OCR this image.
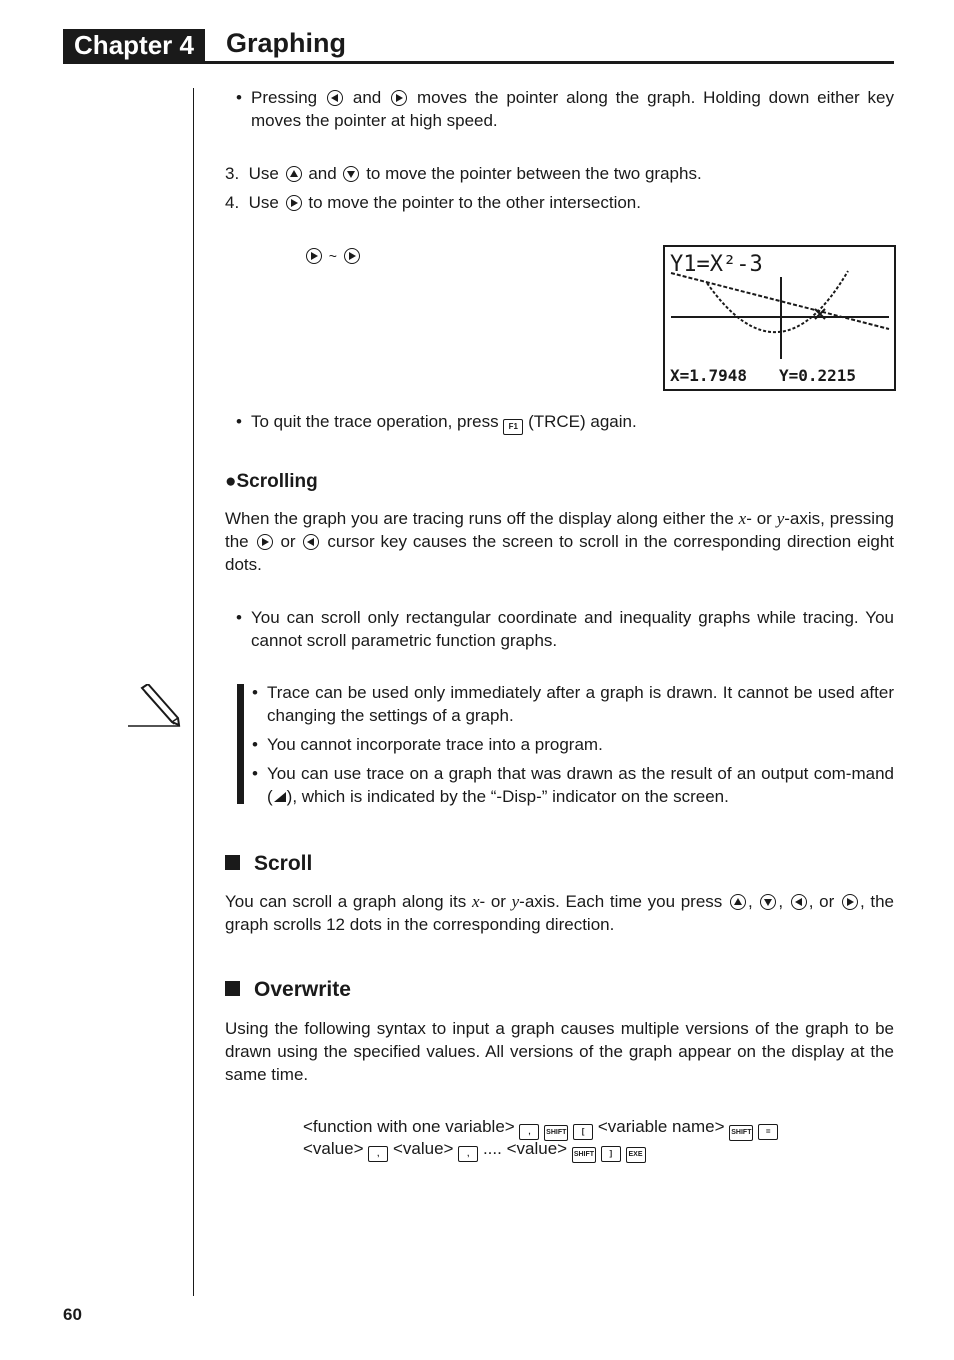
Chapter 4	Graphing
• Pressing and moves the pointer along the graph. Holding down either key moves the pointer at high speed.
3. Use and to move the pointer between the two graphs.
4. Use to move the pointer to the other intersection.
~	Y1=X²-3
X=1.7948 Y=0.2215
• To quit the trace operation, press F1 (TRCE) again.
●Scrolling
When the graph you are tracing runs off the display along either the x- or y-axis, pressing the or cursor key causes the screen to scroll in the corresponding direction eight dots.
• You can scroll only rectangular coordinate and inequality graphs while tracing. You cannot scroll parametric function graphs.
• Trace can be used only immediately after a graph is drawn. It cannot be used after changing the settings of a graph.
• You cannot incorporate trace into a program.
• You can use trace on a graph that was drawn as the result of an output com-mand ( ), which is indicated by the “-Disp-” indicator on the screen.
Scroll
You can scroll a graph along its x- or y-axis. Each time you press , , , or , the graph scrolls 12 dots in the corresponding direction.
Overwrite
Using the following syntax to input a graph causes multiple versions of the graph to be drawn using the specified values. All versions of the graph appear on the display at the same time.
<function with one variable> , SHIFT [ <variable name> SHIFT =
<value> , <value> , .... <value> SHIFT ] EXE
60
